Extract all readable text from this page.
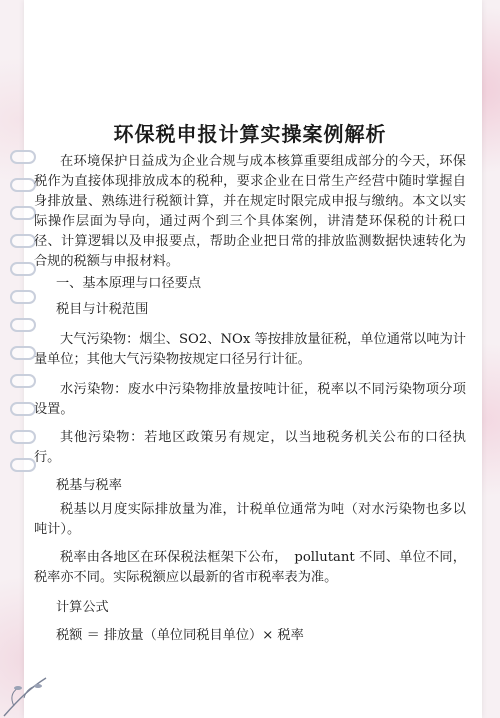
环保税申报计算实操案例解析

在环境保护日益成为企业合规与成本核算重要组成部分的今天，环保税作为直接体现排放成本的税种，要求企业在日常生产经营中随时掌握自身排放量、熟练进行税额计算，并在规定时限完成申报与缴纳。本文以实际操作层面为导向，通过两个到三个具体案例，讲清楚环保税的计税口径、计算逻辑以及申报要点，帮助企业把日常的排放监测数据快速转化为合规的税额与申报材料。

一、基本原理与口径要点

税目与计税范围

大气污染物：烟尘、SO2、NOx 等按排放量征税，单位通常以吨为计量单位；其他大气污染物按规定口径另行计征。

水污染物：废水中污染物排放量按吨计征，税率以不同污染物项分项设置。

其他污染物：若地区政策另有规定，以当地税务机关公布的口径执行。

税基与税率

税基以月度实际排放量为准，计税单位通常为吨（对水污染物也多以吨计）。

税率由各地区在环保税法框架下公布，　pollutant 不同、单位不同，税率亦不同。实际税额应以最新的省市税率表为准。

计算公式

税额 ＝ 排放量（单位同税目单位）× 税率
